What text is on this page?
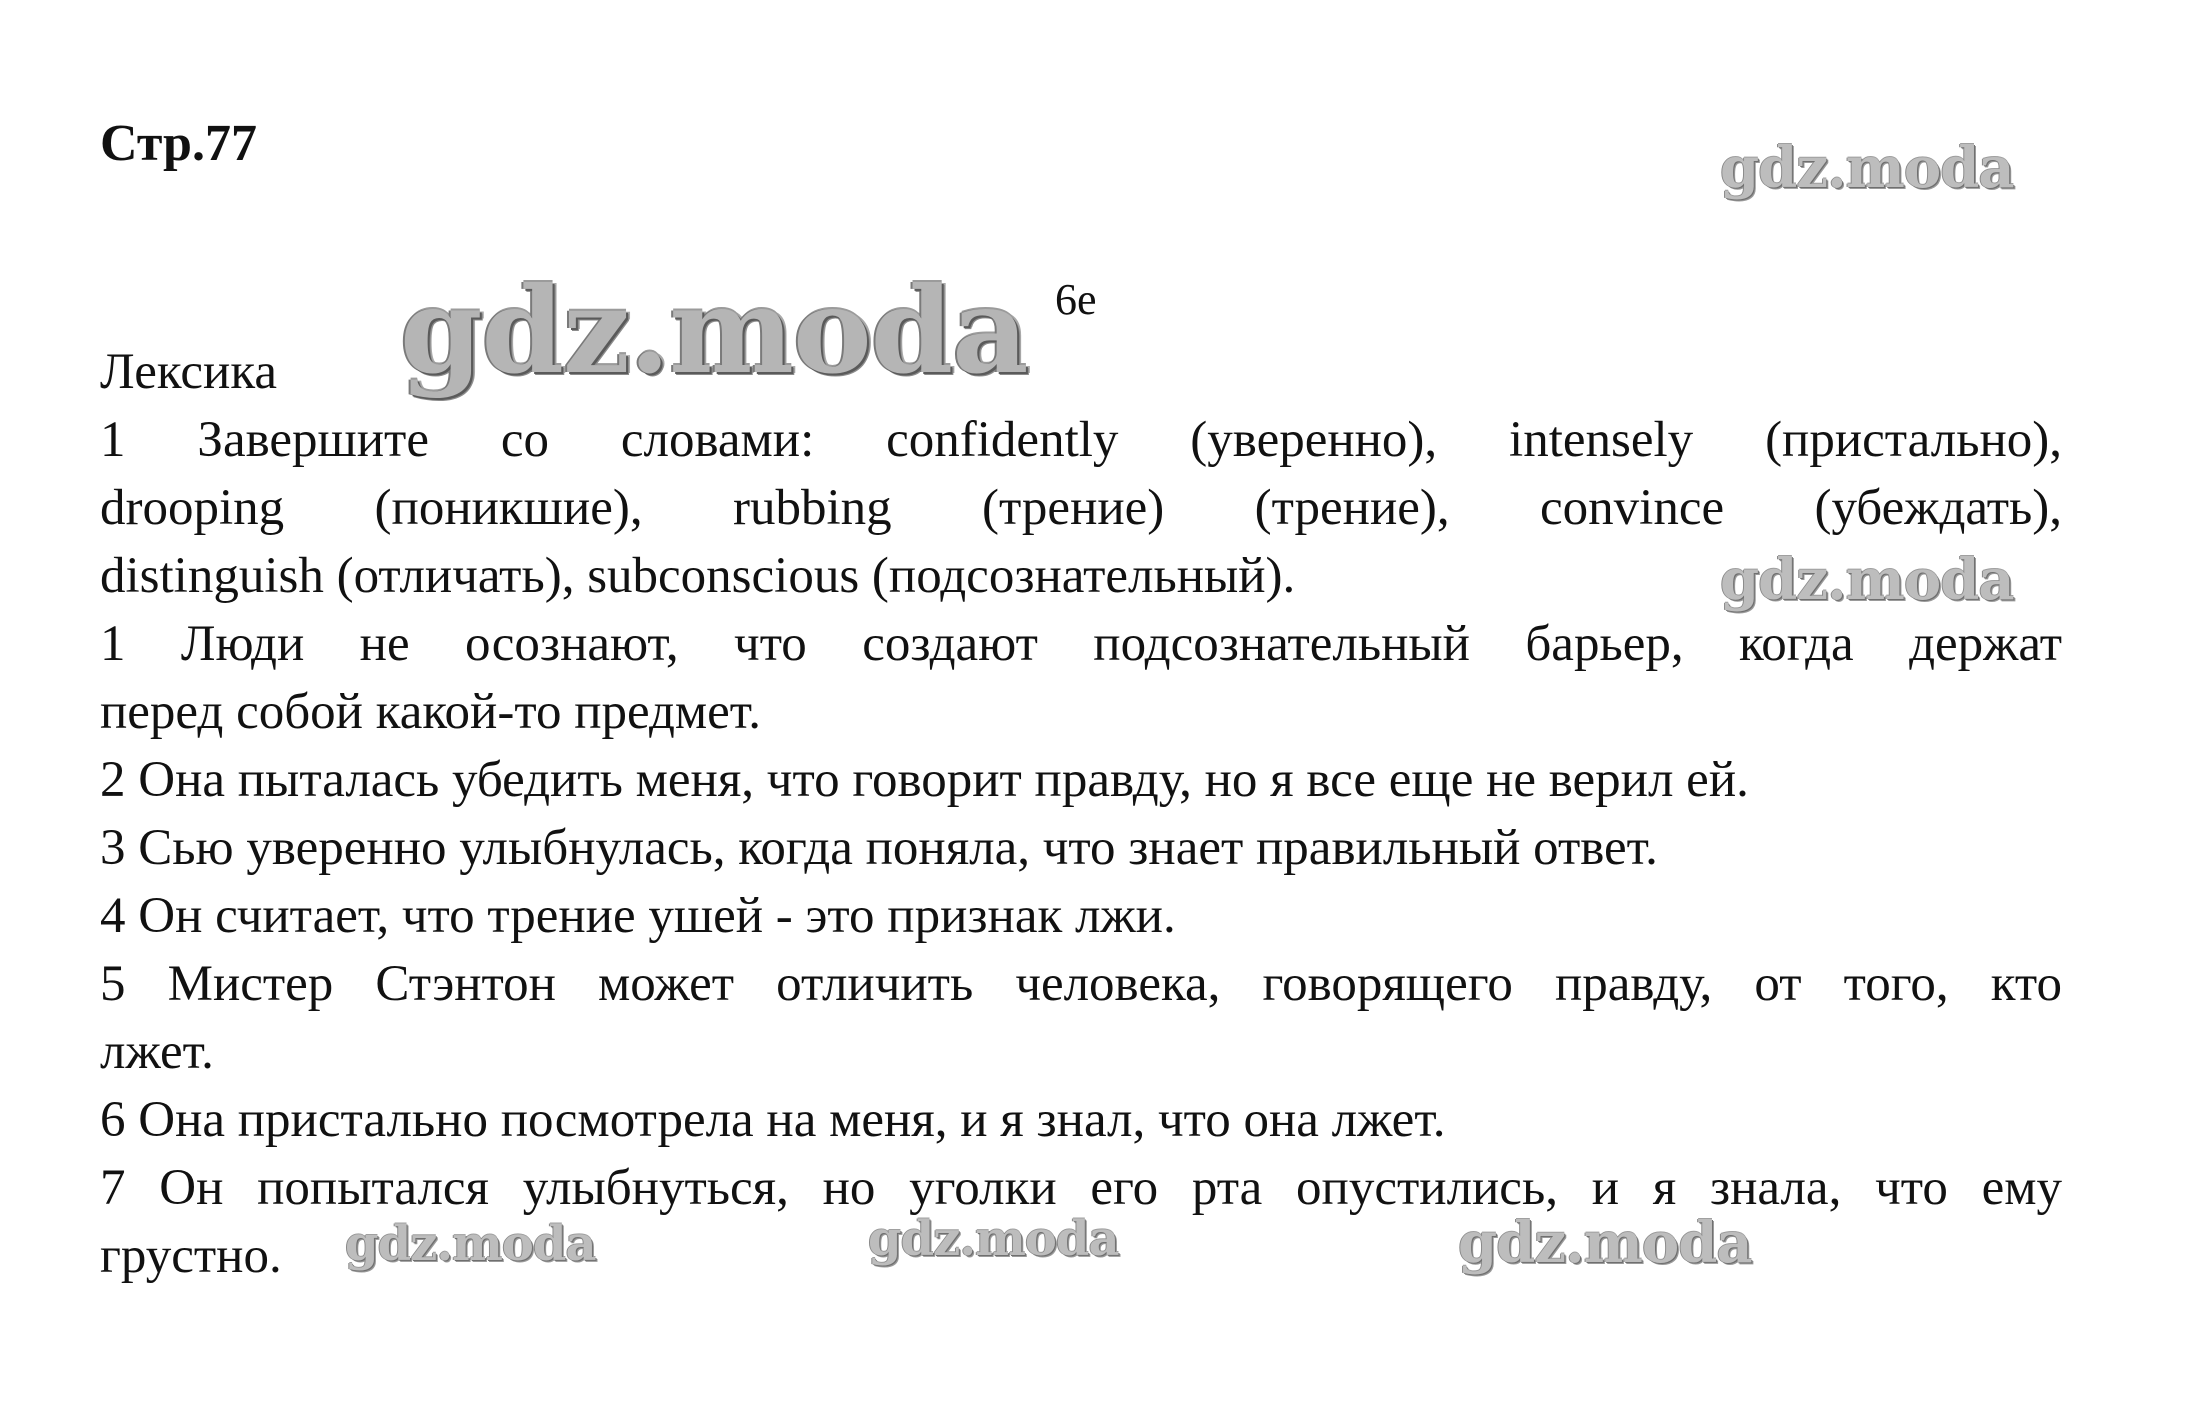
Стр.77	gdz.moda
gdz.moda 6e

Лексика

1 Завершите со словами: confidently (уверенно), intensely (пристально),

drooping (поникшие), rubbing (трение) (трение), convince (убеждать),

distinguish (отличать), subconscious (подсознательный).

1 Люди не осознают, что создают подсознательный барьер, когда держат

перед собой какой-то предмет.

2 Она пыталась убедить меня, что говорит правду, но я все еще не верил ей.

3 Сью уверенно улыбнулась, когда поняла, что знает правильный ответ.

4 Он считает, что трение ушей - это признак лжи.

5 Мистер Стэнтон может отличить человека, говорящего правду, от того, кто

лжет.

6 Она пристально посмотрела на меня, и я знал, что она лжет.

7 Он попытался улыбнуться, но уголки его рта опустились, и я знала, что ему

грустно.

gdz.moda
gdz.moda	gdz.moda	gdz.moda
